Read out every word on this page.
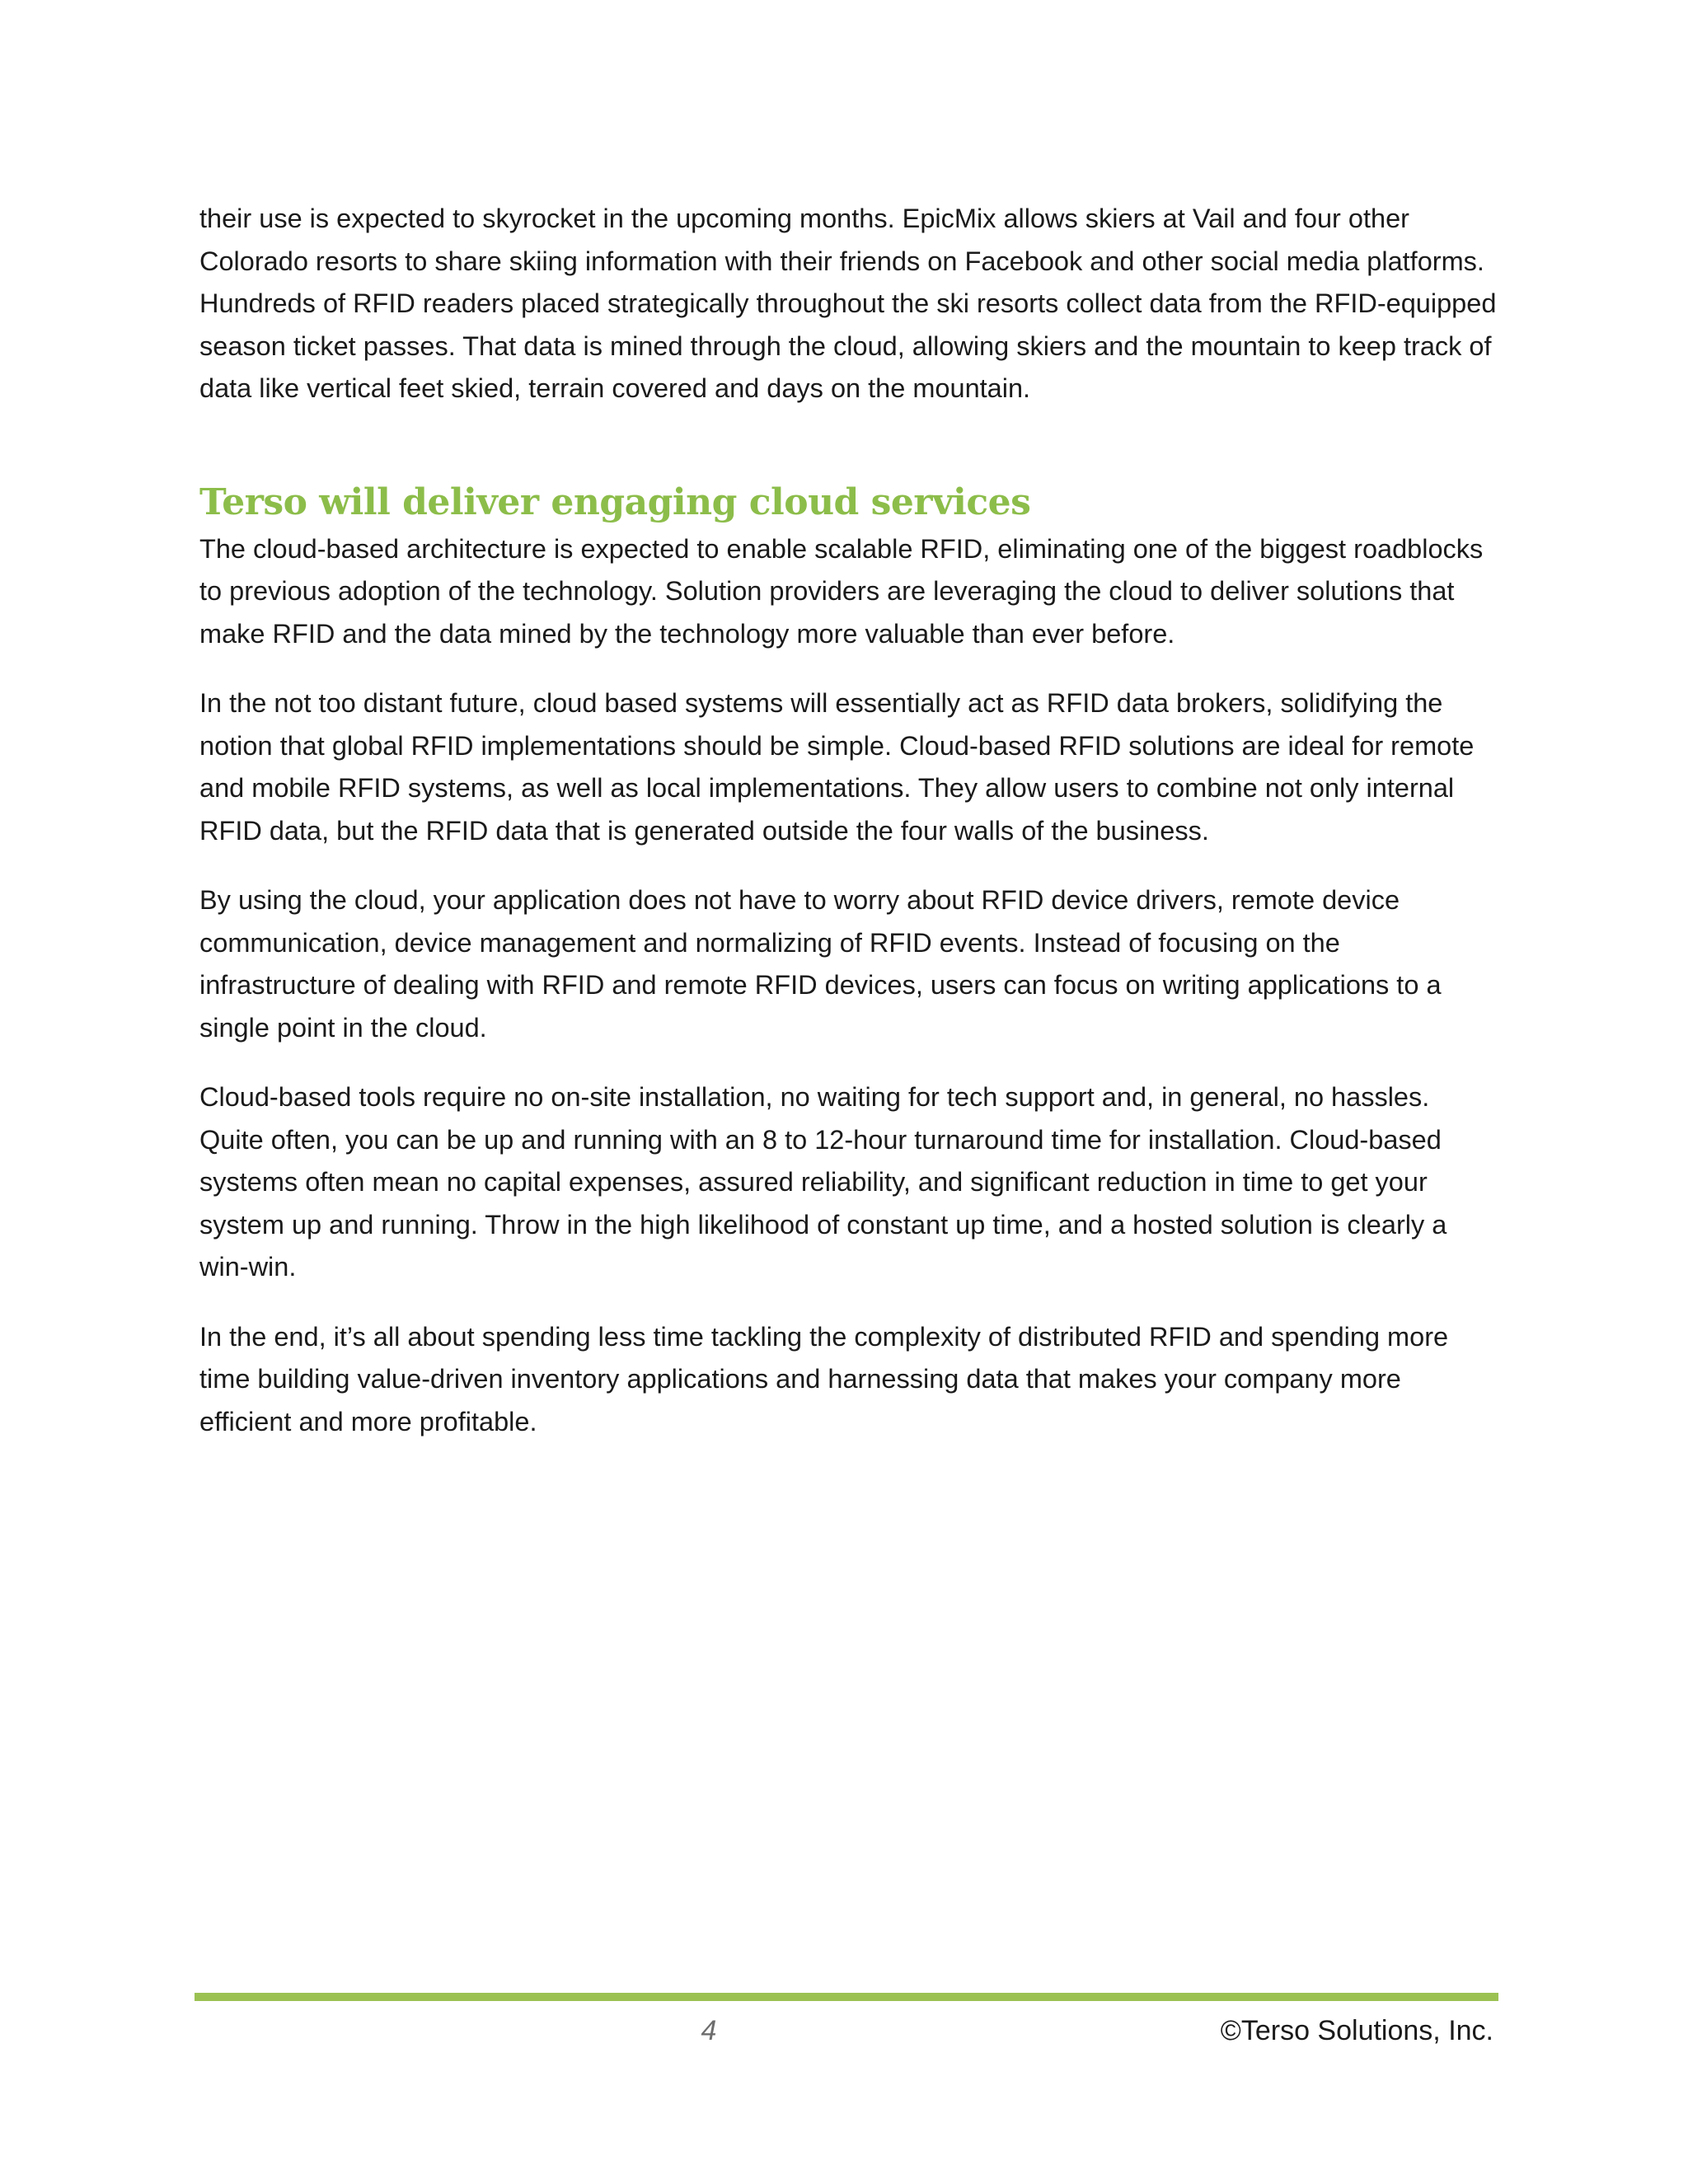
their use is expected to skyrocket in the upcoming months. EpicMix allows skiers at Vail and four other Colorado resorts to share skiing information with their friends on Facebook and other social media platforms. Hundreds of RFID readers placed strategically throughout the ski resorts collect data from the RFID-equipped season ticket passes. That data is mined through the cloud, allowing skiers and the mountain to keep track of data like vertical feet skied, terrain covered and days on the mountain.

Terso will deliver engaging cloud services

The cloud-based architecture is expected to enable scalable RFID, eliminating one of the biggest roadblocks to previous adoption of the technology. Solution providers are leveraging the cloud to deliver solutions that make RFID and the data mined by the technology more valuable than ever before.

In the not too distant future, cloud based systems will essentially act as RFID data brokers, solidifying the notion that global RFID implementations should be simple. Cloud-based RFID solutions are ideal for remote and mobile RFID systems, as well as local implementations. They allow users to combine not only internal RFID data, but the RFID data that is generated outside the four walls of the business.

By using the cloud, your application does not have to worry about RFID device drivers, remote device communication, device management and normalizing of RFID events. Instead of focusing on the infrastructure of dealing with RFID and remote RFID devices, users can focus on writing applications to a single point in the cloud.

Cloud-based tools require no on-site installation, no waiting for tech support and, in general, no hassles. Quite often, you can be up and running with an 8 to 12-hour turnaround time for installation. Cloud-based systems often mean no capital expenses, assured reliability, and significant reduction in time to get your system up and running. Throw in the high likelihood of constant up time, and a hosted solution is clearly a win-win.

In the end, it’s all about spending less time tackling the complexity of distributed RFID and spending more time building value-driven inventory applications and harnessing data that makes your company more efficient and more profitable.

4	©Terso Solutions, Inc.
